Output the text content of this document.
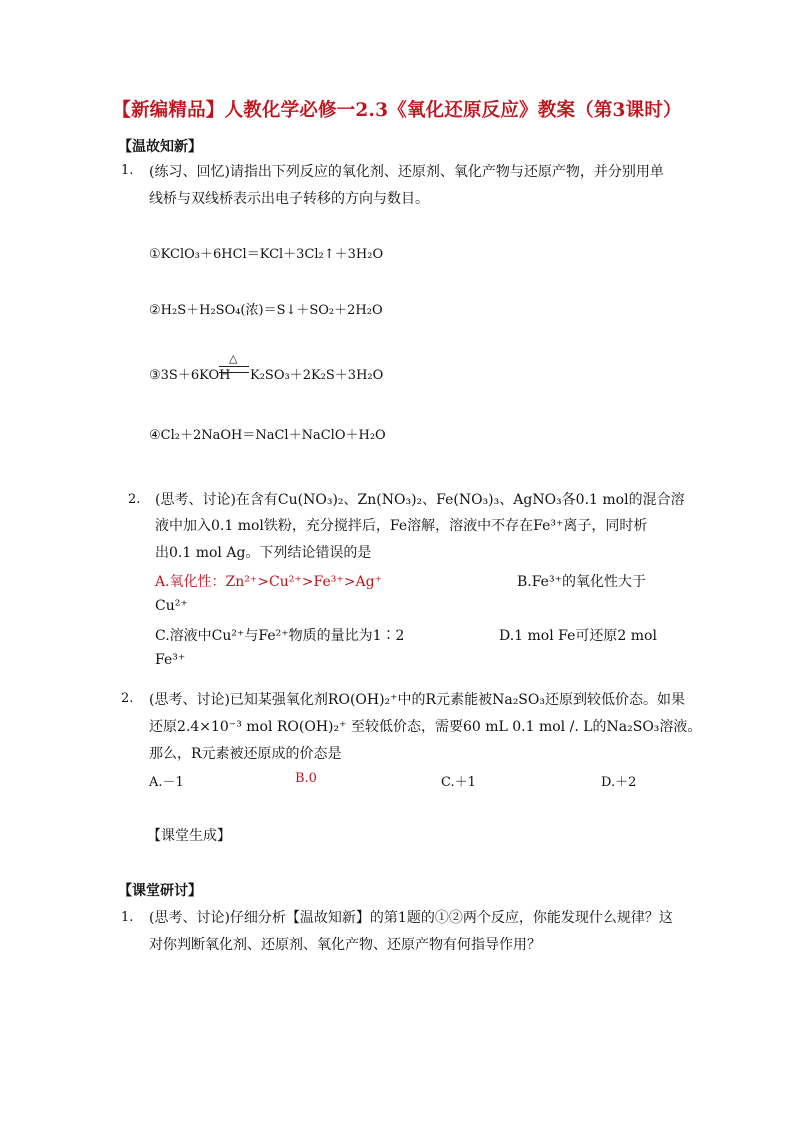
【新编精品】人教化学必修一2.3《氧化还原反应》教案（第3课时）
【温故知新】
1. (练习、回忆)请指出下列反应的氧化剂、还原剂、氧化产物与还原产物，并分别用单
线桥与双线桥表示出电子转移的方向与数目。
①KClO₃＋6HCl＝KCl＋3Cl₂↑＋3H₂O
②H₂S＋H₂SO₄(浓)＝S↓＋SO₂＋2H₂O
③3S＋6KOH
△
K₂SO₃＋2K₂S＋3H₂O
④Cl₂＋2NaOH＝NaCl＋NaClO＋H₂O
2. (思考、讨论)在含有Cu(NO₃)₂、Zn(NO₃)₂、Fe(NO₃)₃、AgNO₃各0.1 mol的混合溶
液中加入0.1 mol铁粉，充分搅拌后，Fe溶解，溶液中不存在Fe³⁺离子，同时析
出0.1 mol Ag。下列结论错误的是
A.氧化性：Zn²⁺>Cu²⁺>Fe³⁺>Ag⁺	B.Fe³⁺的氧化性大于
Cu²⁺
C.溶液中Cu²⁺与Fe²⁺物质的量比为1∶2	D.1 mol Fe可还原2 mol
Fe³⁺
2. (思考、讨论)已知某强氧化剂RO(OH)₂⁺中的R元素能被Na₂SO₃还原到较低价态。如果
还原2.4×10⁻³ mol RO(OH)₂⁺ 至较低价态，需要60 mL 0.1 mol /. L的Na₂SO₃溶液。
那么，R元素被还原成的价态是
A.－1	B.0	C.＋1	D.＋2
【课堂生成】
【课堂研讨】
1. (思考、讨论)仔细分析【温故知新】的第1题的①②两个反应，你能发现什么规律？这
对你判断氧化剂、还原剂、氧化产物、还原产物有何指导作用？
